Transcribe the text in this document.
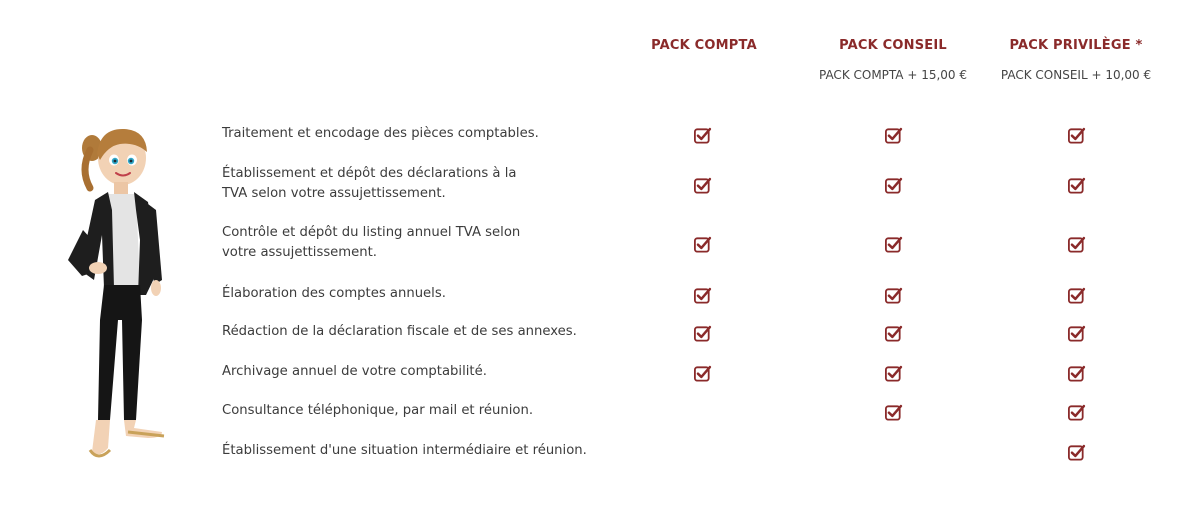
PACK COMPTA	PACK CONSEIL
PACK COMPTA + 15,00 €
PACK PRIVILÈGE *
PACK CONSEIL + 10,00 €
Traitement et encodage des pièces comptables.
Établissement et dépôt des déclarations à la
TVA selon votre assujettissement.
Contrôle et dépôt du listing annuel TVA selon
votre assujettissement.
Élaboration des comptes annuels.
Rédaction de la déclaration fiscale et de ses annexes.
Archivage annuel de votre comptabilité.
Consultance téléphonique, par mail et réunion.
Établissement d'une situation intermédiaire et réunion.
